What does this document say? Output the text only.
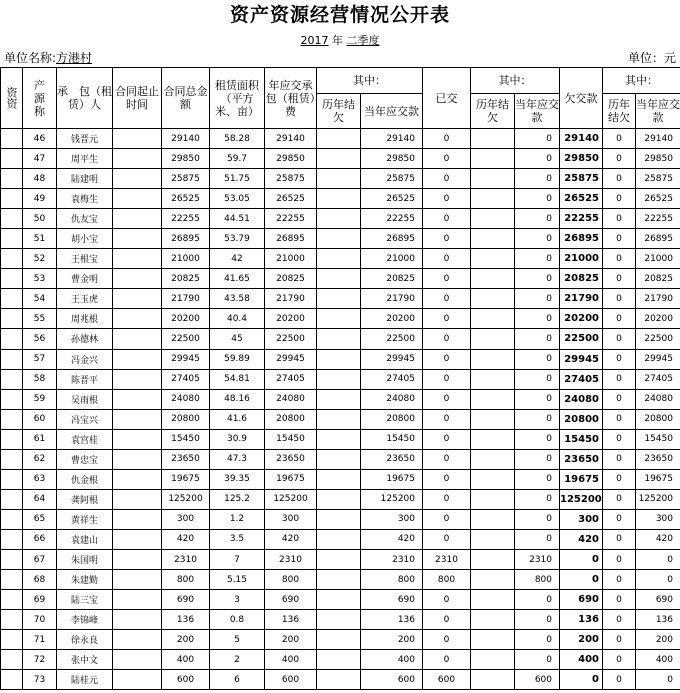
资产资源经营情况公开表
2017 年 二季度
单位名称:方港村	单位：元
资资	产
源
称	承　包（租赁）人	合同起止时间	合同总金额	租赁面积（平方米、亩）	年应交承包（租赁）费	其中：		已交	其中：		欠交款	其中：	
							历年结欠	当年应交款		历年结欠	当年应交款		历年结欠	当年应交款
	46	钱晋元		29140	58.28	29140		29140	0		0	29140	0	29140
	47	周平生		29850	59.7	29850		29850	0		0	29850	0	29850
	48	陆建明		25875	51.75	25875		25875	0		0	25875	0	25875
	49	袁梅生		26525	53.05	26525		26525	0		0	26525	0	26525
	50	仇友宝		22255	44.51	22255		22255	0		0	22255	0	22255
	51	胡小宝		26895	53.79	26895		26895	0		0	26895	0	26895
	52	王根宝		21000	42	21000		21000	0		0	21000	0	21000
	53	曹金明		20825	41.65	20825		20825	0		0	20825	0	20825
	54	王玉虎		21790	43.58	21790		21790	0		0	21790	0	21790
	55	周兆根		20200	40.4	20200		20200	0		0	20200	0	20200
	56	孙德林		22500	45	22500		22500	0		0	22500	0	22500
	57	冯金兴		29945	59.89	29945		29945	0		0	29945	0	29945
	58	陈晋平		27405	54.81	27405		27405	0		0	27405	0	27405
	59	吴雨根		24080	48.16	24080		24080	0		0	24080	0	24080
	60	冯宝兴		20800	41.6	20800		20800	0		0	20800	0	20800
	61	袁宫桂		15450	30.9	15450		15450	0		0	15450	0	15450
	62	曹忠宝		23650	47.3	23650		23650	0		0	23650	0	23650
	63	仇金根		19675	39.35	19675		19675	0		0	19675	0	19675
	64	龚阿根		125200	125.2	125200		125200	0		0	125200	0	125200
	65	黄祥生		300	1.2	300		300	0		0	300	0	300
	66	袁建山		420	3.5	420		420	0		0	420	0	420
	67	朱国明		2310	7	2310		2310	2310		2310	0	0	0
	68	朱建勤		800	5.15	800		800	800		800	0	0	0
	69	陆三宝		690	3	690		690	0		0	690	0	690
	70	李锦峰		136	0.8	136		136	0		0	136	0	136
	71	徐永良		200	5	200		200	0		0	200	0	200
	72	张中文		400	2	400		400	0		0	400	0	400
	73	陆桂元		600	6	600		600	600		600	0	0	0
